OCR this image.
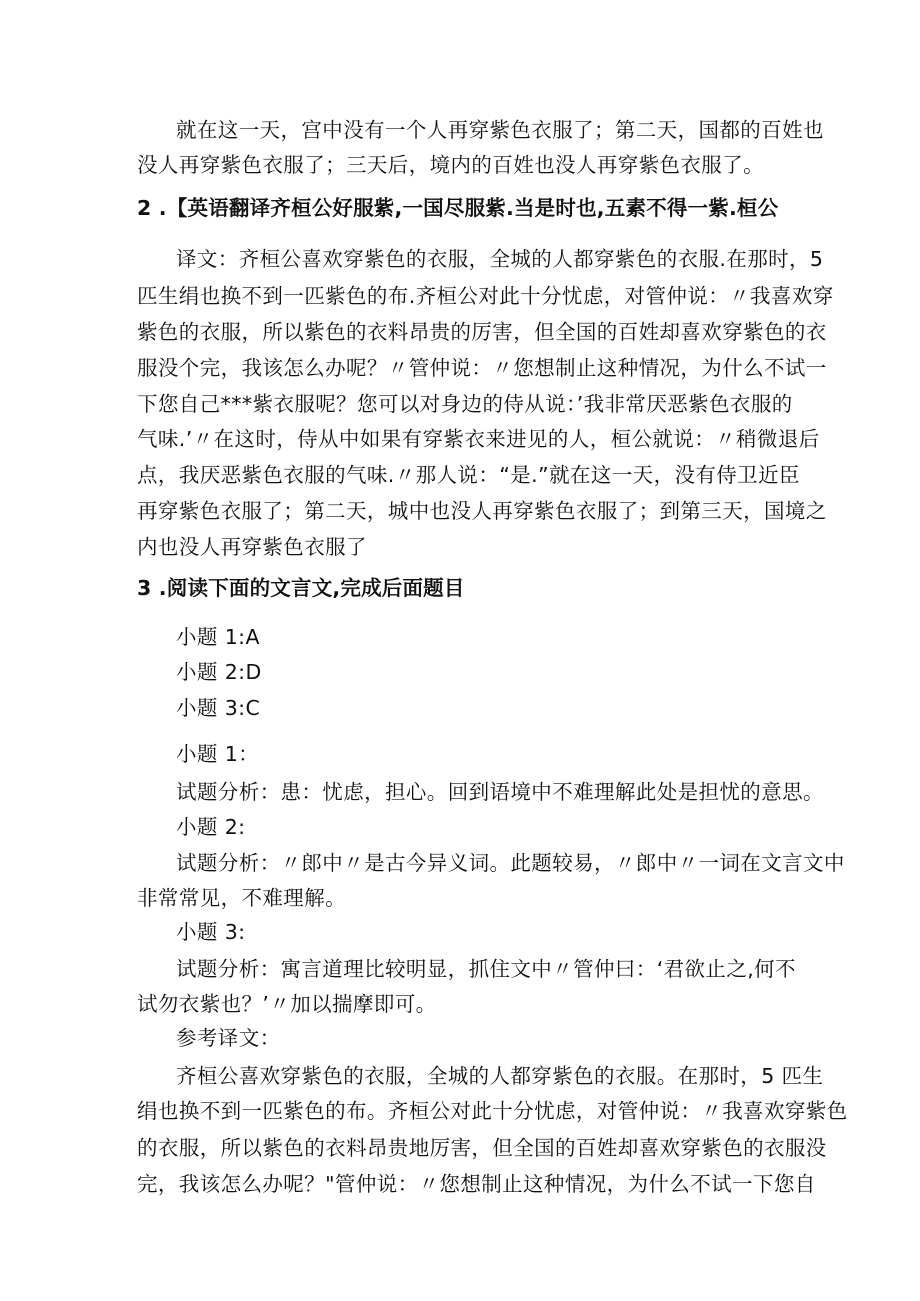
就在这一天，宫中没有一个人再穿紫色衣服了；第二天，国都的百姓也

没人再穿紫色衣服了；三天后，境内的百姓也没人再穿紫色衣服了。

2 .【英语翻译齐桓公好服紫,一国尽服紫.当是时也,五素不得一紫.桓公

译文：齐桓公喜欢穿紫色的衣服，全城的人都穿紫色的衣服.在那时，5

匹生绢也换不到一匹紫色的布.齐桓公对此十分忧虑，对管仲说：〃我喜欢穿

紫色的衣服，所以紫色的衣料昂贵的厉害，但全国的百姓却喜欢穿紫色的衣

服没个完，我该怎么办呢？〃管仲说：〃您想制止这种情况，为什么不试一

下您自己***紫衣服呢？您可以对身边的侍从说：’我非常厌恶紫色衣服的

气味.’〃在这时，侍从中如果有穿紫衣来进见的人，桓公就说：〃稍微退后

点，我厌恶紫色衣服的气味.〃那人说：“是.”就在这一天，没有侍卫近臣

再穿紫色衣服了；第二天，城中也没人再穿紫色衣服了；到第三天，国境之

内也没人再穿紫色衣服了

3 .阅读下面的文言文,完成后面题目

小题 1:A

小题 2:D

小题 3:C

小题 1：

试题分析：患：忧虑，担心。回到语境中不难理解此处是担忧的意思。

小题 2:

试题分析：〃郎中〃是古今异义词。此题较易，〃郎中〃一词在文言文中

非常常见，不难理解。

小题 3:

试题分析：寓言道理比较明显，抓住文中〃管仲曰：‘君欲止之,何不

试勿衣紫也？’〃加以揣摩即可。

参考译文：

齐桓公喜欢穿紫色的衣服，全城的人都穿紫色的衣服。在那时，5 匹生

绢也换不到一匹紫色的布。齐桓公对此十分忧虑，对管仲说：〃我喜欢穿紫色

的衣服，所以紫色的衣料昂贵地厉害，但全国的百姓却喜欢穿紫色的衣服没

完，我该怎么办呢？"管仲说：〃您想制止这种情况，为什么不试一下您自
